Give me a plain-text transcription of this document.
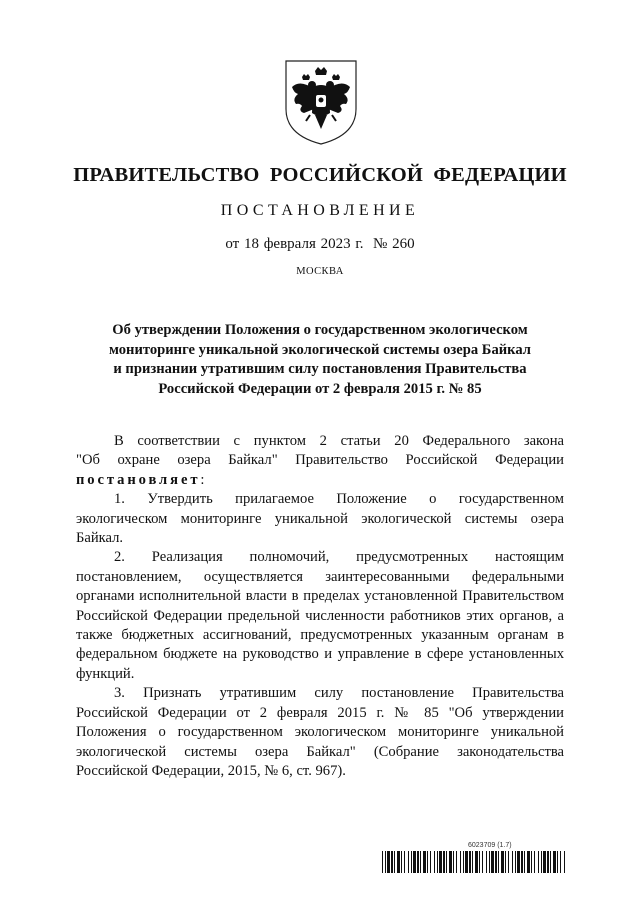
ПРАВИТЕЛЬСТВО РОССИЙСКОЙ ФЕДЕРАЦИИ
ПОСТАНОВЛЕНИЕ
от 18 февраля 2023 г.  № 260
МОСКВА
Об утверждении Положения о государственном экологическом
мониторинге уникальной экологической системы озера Байкал
и признании утратившим силу постановления Правительства
Российской Федерации от 2 февраля 2015 г. № 85

В соответствии с пунктом 2 статьи 20 Федерального закона "Об охране озера Байкал" Правительство Российской Федерации постановляет:

1. Утвердить прилагаемое Положение о государственном экологическом мониторинге уникальной экологической системы озера Байкал.

2. Реализация полномочий, предусмотренных настоящим постановлением, осуществляется заинтересованными федеральными органами исполнительной власти в пределах установленной Правительством Российской Федерации предельной численности работников этих органов, а также бюджетных ассигнований, предусмотренных указанным органам в федеральном бюджете на руководство и управление в сфере установленных функций.

3. Признать утратившим силу постановление Правительства Российской Федерации от 2 февраля 2015 г. № 85 "Об утверждении Положения о государственном экологическом мониторинге уникальной экологической системы озера Байкал" (Собрание законодательства Российской Федерации, 2015, № 6, ст. 967).

6023709 (1.7)
